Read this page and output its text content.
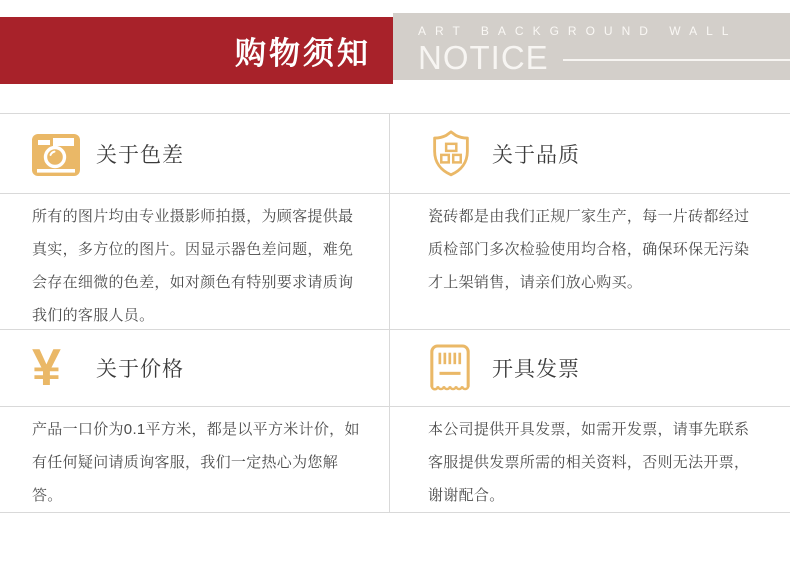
购物须知
ART BACKGROUND WALL
NOTICE
关于色差	关于品质

所有的图片均由专业摄影师拍摄，为顾客提供最真实，多方位的图片。因显示器色差问题，难免会存在细微的色差，如对颜色有特别要求请质询我们的客服人员。

瓷砖都是由我们正规厂家生产，每一片砖都经过质检部门多次检验使用均合格，确保环保无污染才上架销售，请亲们放心购买。

¥ 关于价格	开具发票

产品一口价为0.1平方米，都是以平方米计价，如有任何疑问请质询客服，我们一定热心为您解答。

本公司提供开具发票，如需开发票，请事先联系客服提供发票所需的相关资料，否则无法开票，谢谢配合。
